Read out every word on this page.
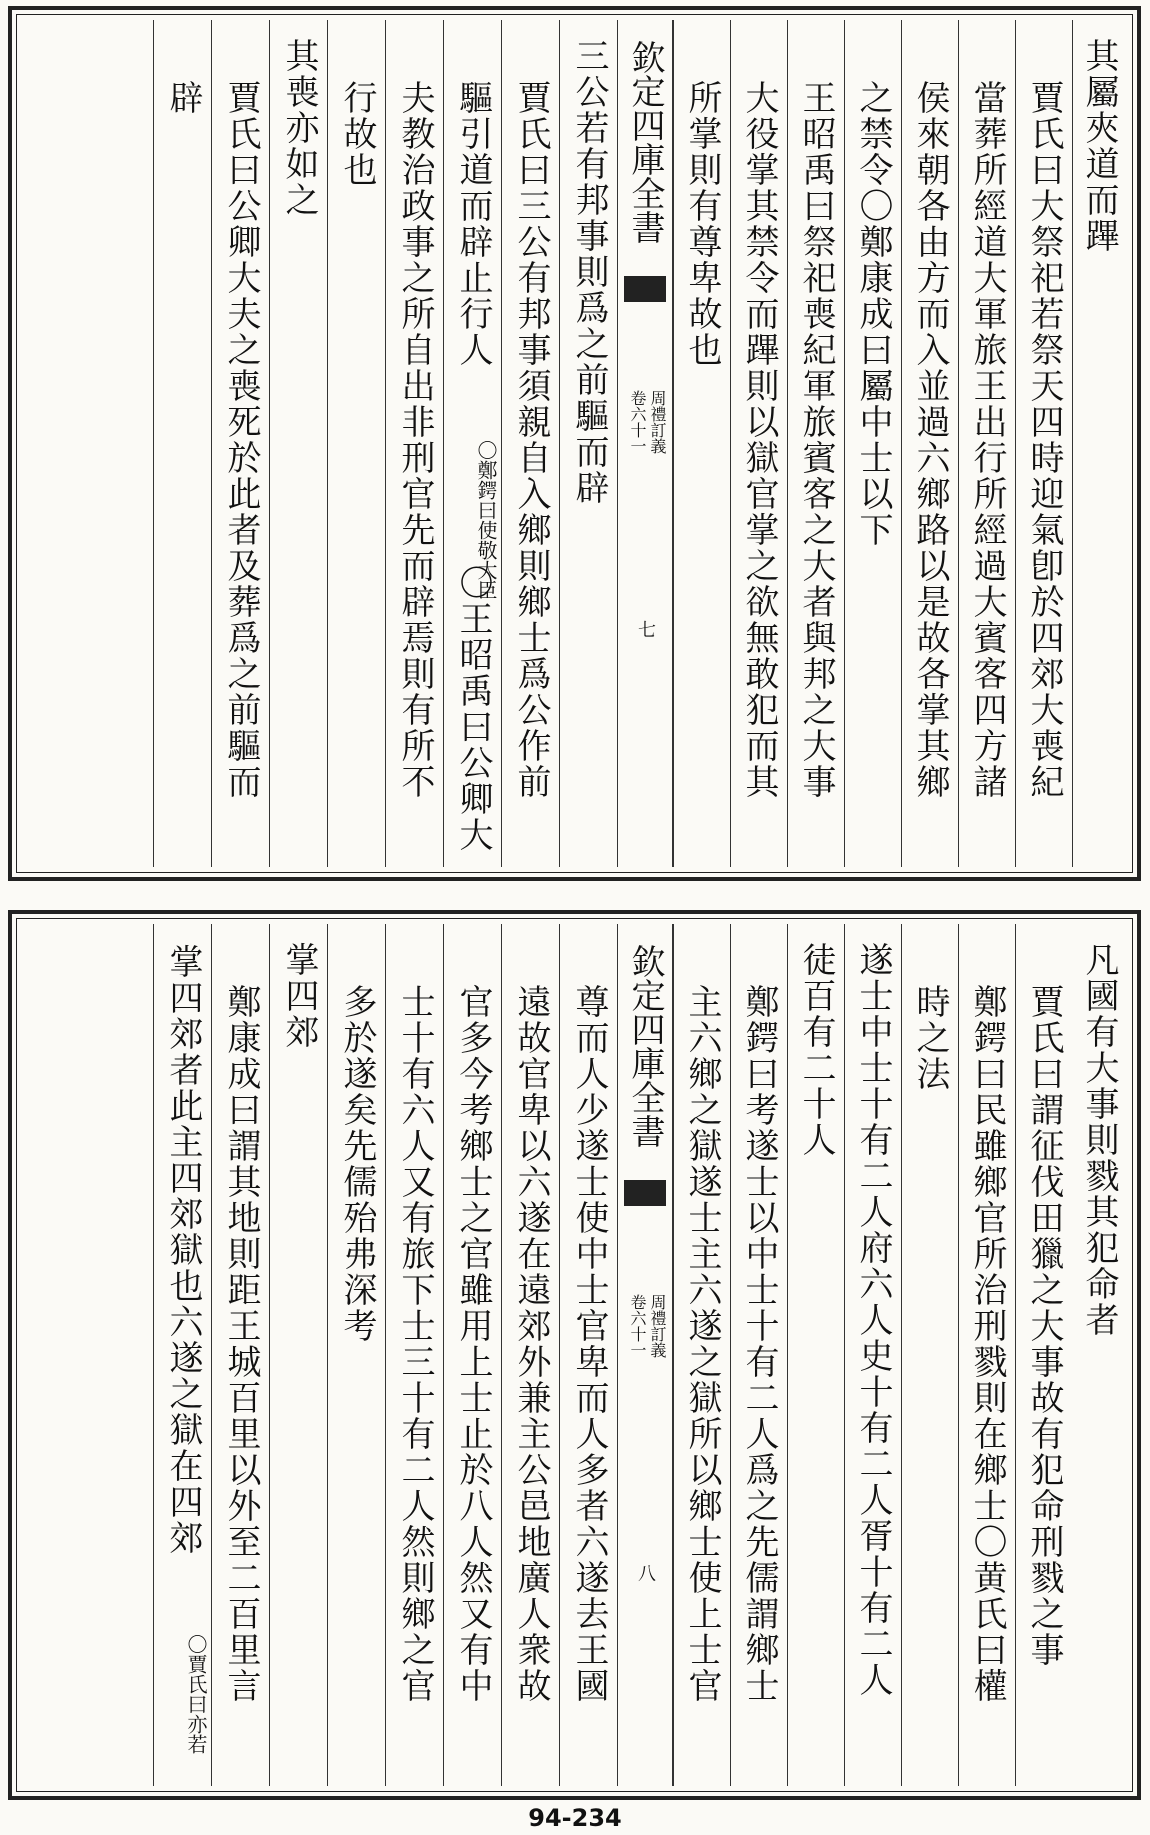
其屬夾道而蹕
賈氏曰大祭祀若祭天四時迎氣卽於四郊大喪紀
當葬所經道大軍旅王出行所經過大賓客四方諸
侯來朝各由方而入並過六鄉路以是故各掌其鄉
之禁令〇鄭康成曰屬中士以下
王昭禹曰祭祀喪紀軍旅賓客之大者與邦之大事
大役掌其禁令而蹕則以獄官掌之欲無敢犯而其
所掌則有尊卑故也
欽定四庫全書
周禮訂義
卷六十一
七
三公若有邦事則爲之前驅而辟
賈氏曰三公有邦事須親自入鄉則鄉士爲公作前
驅引道而辟止行人
〇鄭鍔曰使敬大臣
〇王昭禹曰公卿大
夫教治政事之所自出非刑官先而辟焉則有所不
行故也
其喪亦如之
賈氏曰公卿大夫之喪死於此者及葬爲之前驅而
辟
凡國有大事則戮其犯命者
賈氏曰謂征伐田獵之大事故有犯命刑戮之事
鄭鍔曰民雖鄉官所治刑戮則在鄉士〇黄氏曰權
時之法
遂士中士十有二人府六人史十有二人胥十有二人
徒百有二十人
鄭鍔曰考遂士以中士十有二人爲之先儒謂鄉士
主六鄉之獄遂士主六遂之獄所以鄉士使上士官
欽定四庫全書
周禮訂義
卷六十一
八
尊而人少遂士使中士官卑而人多者六遂去王國
遠故官卑以六遂在遠郊外兼主公邑地廣人衆故
官多今考鄉士之官雖用上士止於八人然又有中
士十有六人又有旅下士三十有二人然則鄉之官
多於遂矣先儒殆弗深考
掌四郊
鄭康成曰謂其地則距王城百里以外至二百里言
掌四郊者此主四郊獄也六遂之獄在四郊
〇賈氏曰亦若
94-234
